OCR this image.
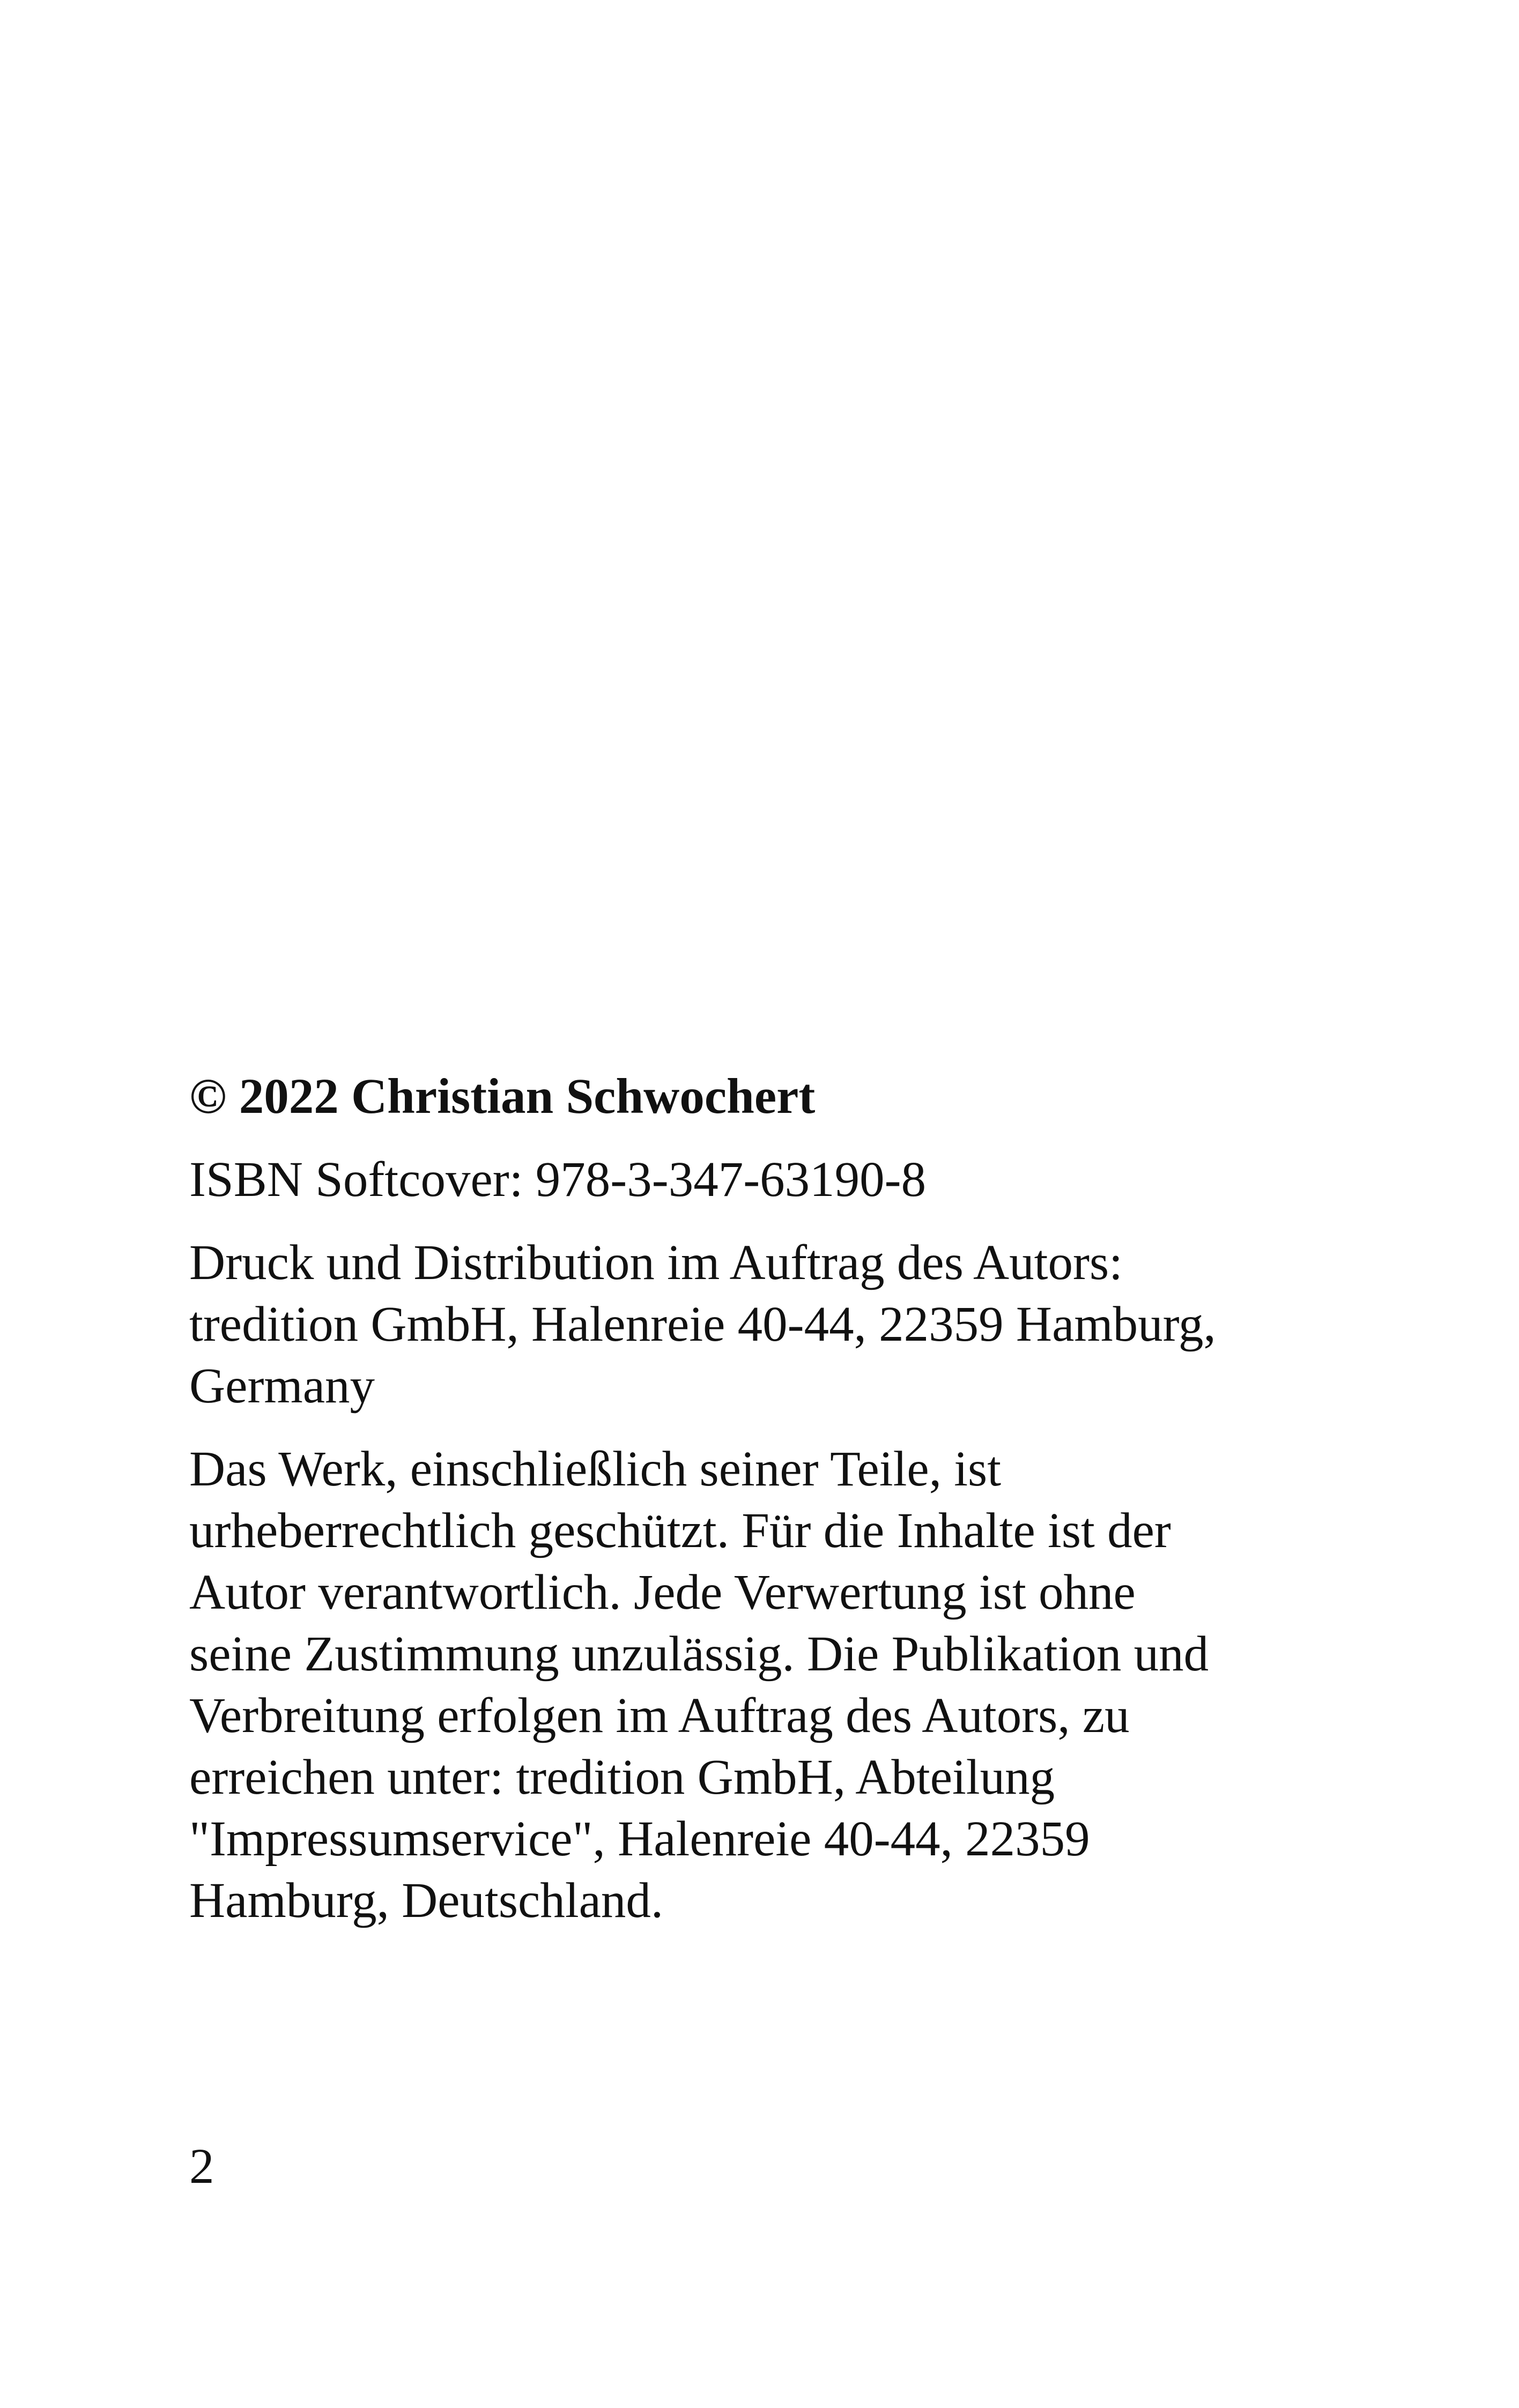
© 2022 Christian Schwochert

ISBN Softcover: 978-3-347-63190-8

Druck und Distribution im Auftrag des Autors:
tredition GmbH, Halenreie 40-44, 22359 Hamburg,
Germany

Das Werk, einschließlich seiner Teile, ist
urheberrechtlich geschützt. Für die Inhalte ist der
Autor verantwortlich. Jede Verwertung ist ohne
seine Zustimmung unzulässig. Die Publikation und
Verbreitung erfolgen im Auftrag des Autors, zu
erreichen unter: tredition GmbH, Abteilung
"Impressumservice", Halenreie 40-44, 22359
Hamburg, Deutschland.

2
